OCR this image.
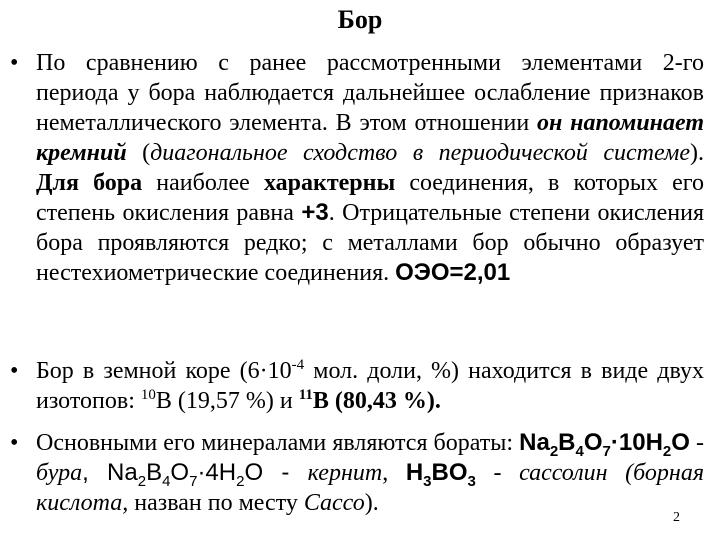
Бор
• По сравнению с ранее рассмотренными элементами 2-го периода у бора наблюдается дальнейшее ослабление признаков неметаллического элемента. В этом отношении он напоминает кремний (диагональное сходство в периодической системе). Для бора наиболее характерны соединения, в которых его степень окисления равна +3. Отрицательные степени окисления бора проявляются редко; с металлами бор обычно образует нестехиометрические соединения. ОЭО=2,01
• Бор в земной коре ($6\cdot 10^{-4}$ мол. доли, %) находится в виде двух изотопов: $^{10}$B (19,57 %) и $^{11}$B (80,43 %).
• Основными его минералами являются бораты: $Na_2B_4O_7\cdot 10H_2O$ - бура, $Na_2B_4O_7\cdot 4H_2O$ - кернит, $H_3BO_3$ - сассолин (борная кислота, назван по месту Сассо).
2
